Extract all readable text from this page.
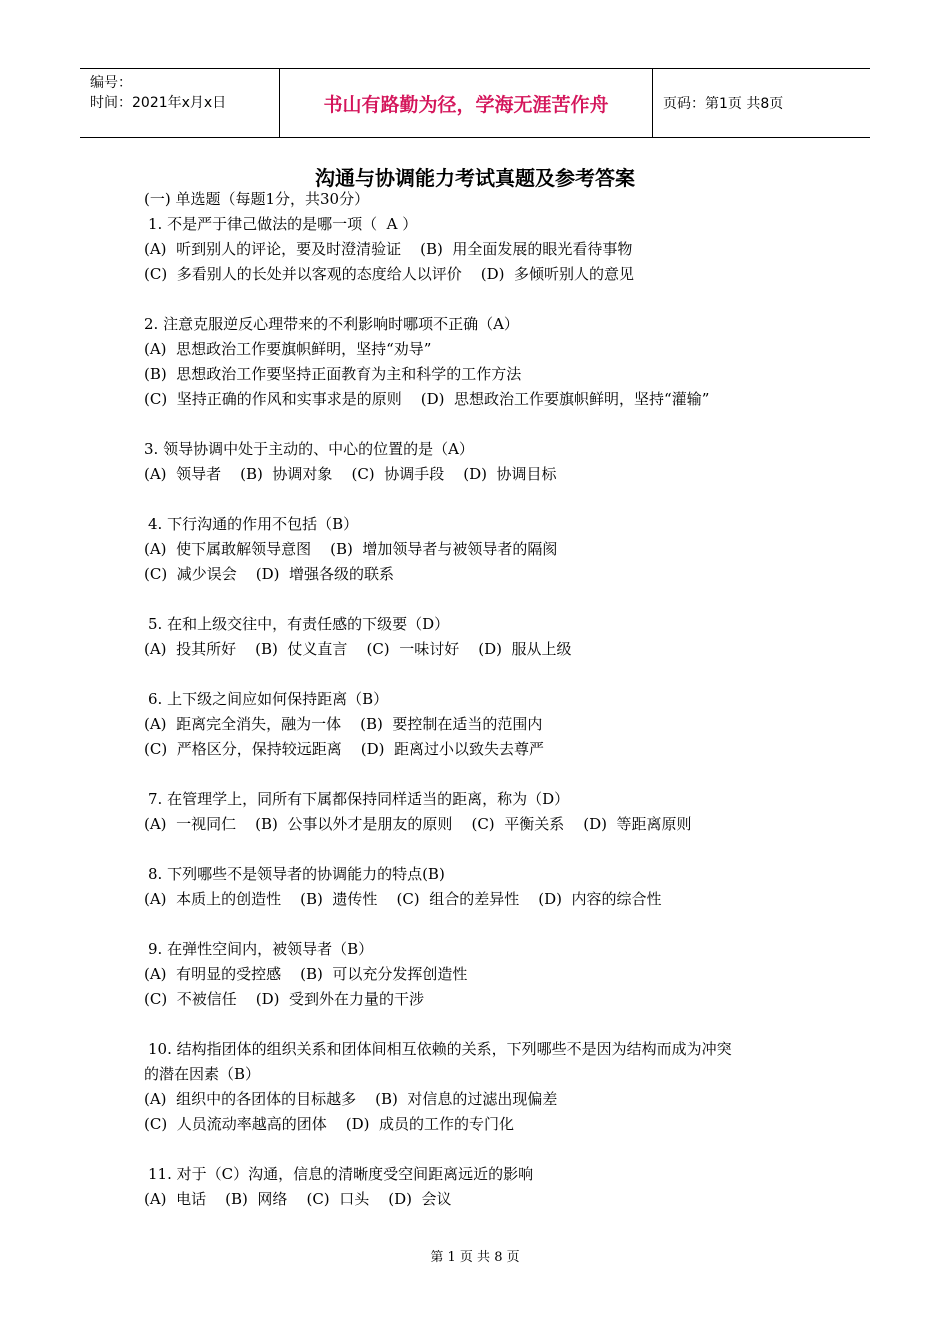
编号：
时间：2021年x月x日	书山有路勤为径，学海无涯苦作舟	页码：第1页 共8页
沟通与协调能力考试真题及参考答案
(一) 单选题（每题1分，共30分）
1. 不是严于律己做法的是哪一项（  A ）
(A)  听到别人的评论，要及时澄清验证    (B)  用全面发展的眼光看待事物
(C)  多看别人的长处并以客观的态度给人以评价    (D)  多倾听别人的意见
2. 注意克服逆反心理带来的不利影响时哪项不正确（A）
(A)  思想政治工作要旗帜鲜明，坚持“劝导”
(B)  思想政治工作要坚持正面教育为主和科学的工作方法
(C)  坚持正确的作风和实事求是的原则    (D)  思想政治工作要旗帜鲜明，坚持“灌输”
3. 领导协调中处于主动的、中心的位置的是（A）
(A)  领导者    (B)  协调对象    (C)  协调手段    (D)  协调目标
4. 下行沟通的作用不包括（B）
(A)  使下属敢解领导意图    (B)  增加领导者与被领导者的隔阂
(C)  减少误会    (D)  增强各级的联系
5. 在和上级交往中，有责任感的下级要（D）
(A)  投其所好    (B)  仗义直言    (C)  一味讨好    (D)  服从上级
6. 上下级之间应如何保持距离（B）
(A)  距离完全消失，融为一体    (B)  要控制在适当的范围内
(C)  严格区分，保持较远距离    (D)  距离过小以致失去尊严
7. 在管理学上，同所有下属都保持同样适当的距离，称为（D）
(A)  一视同仁    (B)  公事以外才是朋友的原则    (C)  平衡关系    (D)  等距离原则
8. 下列哪些不是领导者的协调能力的特点(B)
(A)  本质上的创造性    (B)  遗传性    (C)  组合的差异性    (D)  内容的综合性
9. 在弹性空间内，被领导者（B）
(A)  有明显的受控感    (B)  可以充分发挥创造性
(C)  不被信任    (D)  受到外在力量的干涉
10. 结构指团体的组织关系和团体间相互依赖的关系，下列哪些不是因为结构而成为冲突
的潜在因素（B）
(A)  组织中的各团体的目标越多    (B)  对信息的过滤出现偏差
(C)  人员流动率越高的团体    (D)  成员的工作的专门化
11. 对于（C）沟通，信息的清晰度受空间距离远近的影响
(A)  电话    (B)  网络    (C)  口头    (D)  会议
第 1 页 共 8 页
